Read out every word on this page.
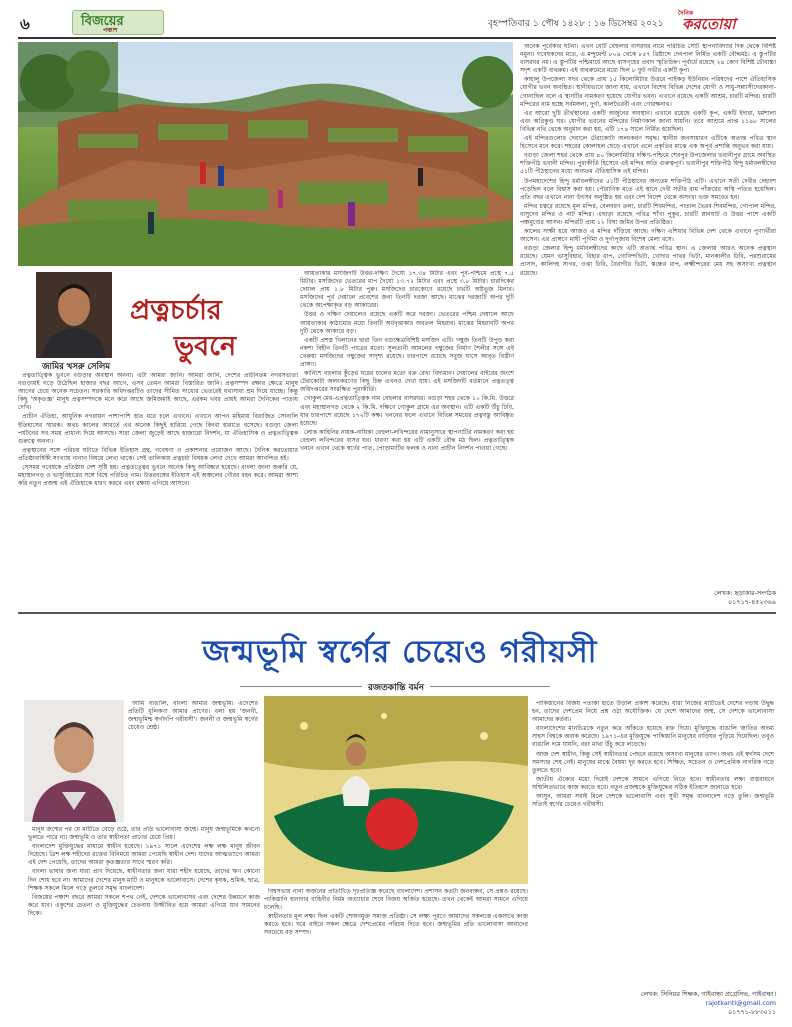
৬	বিজয়ের
পঞ্চাশ
বৃহস্পতিবার ১ পৌষ ১৪২৮ : ১৬ ডিসেম্বর ২০২১
দৈনিক
করতোয়া
জামির খসরু সেলিম
প্রত্নচর্চার
ভুবনে

প্রত্নতাত্ত্বিক ভুবনে বগুড়ার অবস্থান অনন্য। এটা আমরা জানি। আমরা জানি, দেশের প্রাচীনতম নগরসভ্যতা বগুড়ায়ই গড়ে উঠেছিল হাজার বছর আগে, এসব তেমন আমরা বিস্তারিত জানি। প্রত্নসম্পদ রক্ষার ক্ষেত্রে মানুষ আগের চেয়ে অনেক সচেতন। সরকারি অধিদপ্তরটিও তাদের সীমিত সাধ্যের ভেতরেই যথাসাধ্য শ্রম দিয়ে যাচ্ছে। কিন্তু কিছু 'অকৃতজ্ঞ' মানুষ প্রত্নসম্পদকে মনে করে আছে জমিজমাই আছে, এরকম খবর প্রায়ই আমরা দৈনিকের পাতায় দেখি।

প্রাচীন ঐতিহ্য, আধুনিক নগরায়ন পাশাপাশি হাত ধরে চলে এখানে। এখানে আপন মহিমায় বিরাজিত সোনালি ইতিহাসের স্মারক। অথচ কালের আবর্তে এর অনেক কিছুই হারিয়ে গেছে কিংবা হারাতে বসেছে। বগুড়া জেলা পর্যটনের সব সময় প্রাধান্য দিয়ে আসছে। সারা জেলা জুড়েই আছে হাজারো নিদর্শন, যা ঐতিহাসিক ও প্রত্নতাত্ত্বিক গুরুত্বে অনন্য।

প্রত্নস্থানের সঙ্গে পরিচয় ঘটাতে বিভিন্ন ইতিহাস গ্রন্থ, গবেষণা ও প্রকাশনার প্রয়োজন আছে। দৈনিক করতোয়ার প্রতিষ্ঠাবার্ষিকী সংখ্যায় নানান বিষয়ে লেখা থাকে। সেই তালিকায় প্রত্নচর্চা বিষয়ক লেখা দেখে আমরা আনন্দিত হই।

সেসময় গবেষকে প্রতিষ্ঠায় দেশ সৃষ্টি হয়। প্রত্নতত্ত্বের ভুবনে অনেক কিছু আবিষ্কার হয়েছে। বাংলা জানা জরুরি যে, মহাস্থানগড় ও ভাসুবিহারের সঙ্গে বিশ্বে পরিচিত নাম। উত্তরবঙ্গের ইতিহাস এই অঞ্চলের গৌরব বহন করে। আমরা আশা করি নতুন প্রজন্ম এই ঐতিহ্যকে ধারণ করবে এবং রক্ষায় এগিয়ে আসবে।

আয়তাকার মসজিদটি উত্তর-দক্ষিণ দৈর্ঘ্যে ১৭.৩৪ মিটার এবং পূর্ব-পশ্চিমে প্রস্থে ৭.৫ মিটার। মসজিদের ভেতরের মাপ দৈর্ঘ্যে ১৩.৭২ মিটার এবং প্রস্থে ৩.৮ মিটার। চারদিকের দেয়াল প্রায় ১.৮ মিটার পুরু। মসজিদের চারকোণে রয়েছে চারটি অষ্টভুজ মিনার। মসজিদের পূর্ব দেয়ালে প্রবেশের জন্য তিনটি দরজা আছে। মাঝের দরজাটি অপর দুটি থেকে অপেক্ষাকৃত বড় আকারের।

উত্তর ও দক্ষিণ দেয়ালেও রয়েছে একটি করে দরজা। ভেতরের পশ্চিম দেয়ালে আছে আয়তাকার কাঠামোর মধ্যে তিনটি অর্ধবৃত্তাকার অবতল মিহরাব। মাঝের মিহরাবটি অপর দুটি থেকে আকারে বড়।

একটি প্রশস্ত খিলানের দ্বারা তিন বগুক্ষেত্রবিশিষ্ট মসজিদ এটি। গম্বুজ তিনটি উপুড় করা নকশা বিহীন তিনটি পাত্রের মতো। সুলতানী আমলের গম্বুজের নির্মাণ শৈলীর সঙ্গে এই খেরুয়া মসজিদের গম্বুজের সাদৃশ্য রয়েছে। চারপাশে রয়েছে সবুজ ঘাসে আবৃত বিস্তীর্ণ প্রাঙ্গণ।

কার্নিশে বাংলার কুঁড়ের ঘরের চালের মতো বক্র রেখা বিদ্যমান। দেয়ালের বাইরের অংশে টেরাকোটা অলংকরণের কিছু চিহ্ন এখনও দেখা যায়। এই মসজিদটি বর্তমানে প্রত্নতত্ত্ব অধিদপ্তরের সংরক্ষিত পুরাকীর্তি।

গোকুল মেধ-এপ্রত্নতাত্ত্বিক নাম বেহুলার বাসরঘর। বগুড়া শহর থেকে ১০ কি.মি. উত্তরে এবং মহাস্থানগড় থেকে ২ কি.মি. দক্ষিণে গোকুল গ্রামে এর অবস্থান। এটি একটি উঁচু ঢিবি, যার চারপাশে রয়েছে ১৭২টি কক্ষ। খননের ফলে এখানে বিভিন্ন সময়ের প্রত্নবস্তু আবিষ্কৃত হয়েছে।

লোক কাহিনির নায়ক-নায়িকা বেহুলা-লখিন্দরের নামানুসারে স্থাপনাটির নামকরণ করা হয় বেহুলা লখিন্দরের বাসর ঘর। ধারণা করা হয় এটি একটি বৌদ্ধ মঠ ছিল। প্রত্নতাত্ত্বিক খননে এখান থেকে স্বর্ণের পাত, পোড়ামাটির ফলক ও নানা প্রাচীন নিদর্শন পাওয়া গেছে।

অনেক পূর্বেকার ঘটনা। এখন যেটি বেহুলার বাসরঘর নামে পরিচিত সেটি স্থাপনাবিদ্যার দিক থেকে বিশিষ্ট নমুনা। গবেষকদের মতে, এ মন্দুমেণ্ট ৮০৯ থেকে ৮৫৭ খ্রিষ্টাব্দে দেবপাল নির্মিত একটি বৌদ্ধমঠ। এ স্তুপটির বাসরঘর নয়। এ স্তুপটির পশ্চিমার্ধে আছে বাসগৃহের প্রবাদ স্মৃতিচিহ্ন। পূর্বার্ধে রয়েছে ২৪ কোণ বিশিষ্ট চৌবাচ্চা সদৃশ একটি বাথরুম। এই বাথরুমেরে মধ্যে ছিল ৮ ফুট গভীর একটি কূপ।

কাহালু উপজেলা সদর থেকে প্রায় ১৫ কিলোমিটার উত্তরে পাইকড় ইউনিয়ন পরিষদের পাশে ঐতিহাসিক যোগীর ভবন অবস্থিত। স্থানীয়ভাবে জানা যায়, এখানে বিশেষ বিভিন্ন দেশের যোগী ও সাধু-সন্ন্যাসীদেরকানা-গোনাছিল বলে এ স্থানটির নামকরণ হয়েছে যোগীর ভবন। এখানে রয়েছে একটি আশ্রম, চারটি মন্দির। চারটি মন্দিরের নাম হচ্ছে সর্বমঙ্গলা, দুর্গা, কালভৈরবী এবং গোরক্ষনাথ।

এর আরো দুটি তীর্থস্থানের একটি অর্জুনের অবস্থান। এখানে রয়েছে একটি কূপ, একটি ইদারা, ধর্মশালা এবং অগ্নিকুণ্ড ঘর। যোগীর ভবনের মন্দিরের নির্মাণকাল জানা যায়নি। তবে আশ্রমে প্রাপ্ত ১১৯৮ সালের বিভিন্ন নথি থেকে অনুমান করা হয়, এটি ১৭৪ সালে নির্মিত হয়েছিল।

এই মন্দিরগুলোর দেয়ালে টেরাকোটা অলংকরণ সমৃদ্ধ। স্থানীয় জনসাধারণ এটিকে অত্যন্ত পবিত্র স্থান হিসেবে মনে করে। শহরের কোলাহল ছেড়ে এখানে এলে প্রকৃতির মাঝে এক অপূর্ব প্রশান্তি অনুভব করা যায়।

বগুড়া জেলা শহর থেকে প্রায় ৪০ কিলোমিটার দক্ষিণ-পশ্চিমে শেরপুর উপজেলার ভবানীপুর গ্রামে অবস্থিত শক্তিপীঠ ভবানী মন্দির। পুরাকীর্তি হিসেবে এই মন্দির অতি গুরুত্বপূর্ণ। ভবানীপুর শক্তিপীঠ হিন্দু ধর্মাবলম্বীদের ৫১টি পীঠস্থানের মধ্যে অন্যতম ঐতিহাসিক এই মন্দির।

উপমহাদেশের হিন্দু ধর্মাবলম্বীদের ৫১টি পীঠস্থানের অন্যতম শক্তিপীঠ এটি। এখানে সতী দেবীর দেহাংশ পড়েছিল বলে বিশ্বাস করা হয়। পৌরাণিক মতে এই স্থানে দেবী সতীর বাম পাঁজরের অস্থি পতিত হয়েছিল। প্রতি বছর এখানে নানা উৎসব অনুষ্ঠিত হয় এবং দেশ বিদেশ থেকে অসংখ্য ভক্ত সমবেত হন।

মন্দির চত্বরে রয়েছে মূল মন্দির, বেলবরণ তলা, চারটি শিবমন্দির, পাতাল ভৈরব শিবমন্দির, গোপাল মন্দির, বাসুদেব মন্দির ও নাট মন্দির। এছাড়া রয়েছে পবিত্র শাঁখা পুকুর, চারটি স্নানঘাট ও উত্তর পাশে একটি পঞ্চমুণ্ডের আসন। মন্দিরটি প্রায় ১২ বিঘা জমির উপর প্রতিষ্ঠিত।

কালের সাক্ষী হয়ে আজও এ মন্দির দাঁড়িয়ে আছে। দক্ষিণ এশিয়ার বিভিন্ন দেশ থেকে এখানে পুণ্যার্থীরা আসেন। এর প্রাঙ্গণে মাঘী পূর্ণিমা ও দুর্গাপূজায় বিশেষ মেলা বসে।

বগুড়া জেলার হিন্দু ধর্মাবলম্বীদের কাছে এটি অত্যন্ত পবিত্র স্থান। এ জেলায় আরও অনেক প্রত্নস্থান রয়েছে। যেমন ভাসুবিহার, বিহার ধাপ, গোবিন্দভিটা, খোদার পাথর ভিটা, মানকালীর ঢিবি, পরশুরামের প্রাসাদ, কালিদহ সাগর, ওঝা ঢিবি, বৈরাগীর ভিটা, স্কন্ধের ধাপ, লক্ষ্মীন্দরের মেধ সহ অসংখ্য প্রত্নস্থান রয়েছে।

লেখক: ছড়াকার-সংগঠক
০১৭১৭-৪৫২৩৬৯
জন্মভূমি স্বর্গের চেয়েও গরীয়সী
রজতকান্তি বর্মন

আমি বাঙালি, বাংলা আমার জন্মভূমি। এদেশের প্রতিটি ধূলিকণা আমার প্রাণের। বলা হয় 'জননী, জন্মভূমিশ্চ স্বর্গাদপি গরীয়সী'। জননী ও জন্মভূমি স্বর্গের চেয়েও শ্রেষ্ঠ।

মানুষ জন্মের পর যে মাটিতে বেড়ে ওঠে, তার প্রতি ভালোবাসা জন্মে। মানুষ জন্মভূমিকে কখনো ভুলতে পারে না। জন্মভূমি ও তার স্বাধীনতা প্রাণের চেয়ে প্রিয়।

বাংলাদেশ মুক্তিযুদ্ধের মাধ্যমে স্বাধীন হয়েছে। ১৯৭১ সালে এদেশের লক্ষ লক্ষ মানুষ জীবন দিয়েছে। ত্রিশ লক্ষ শহীদের রক্তের বিনিময়ে আমরা পেয়েছি স্বাধীন দেশ। যাদের আত্মত্যাগে আমরা এই দেশ পেয়েছি, তাদের আমরা কৃতজ্ঞতার সাথে স্মরণ করি।

বাংলা ভাষার জন্য যারা প্রাণ দিয়েছে, স্বাধীনতার জন্য যারা শহীদ হয়েছে, তাদের ঋণ কোনো দিন শোধ হবে না। আমাদের দেশের মানুষ মাটি ও মানুষকে ভালোবাসে। দেশের কৃষক, শ্রমিক, ছাত্র, শিক্ষক সকলে মিলে গড়ে তুলবে সমৃদ্ধ বাংলাদেশ।

বিজয়ের পঞ্চাশ বছরে আমরা সকলে শপথ নেই, দেশকে ভালোবাসব এবং দেশের উন্নয়নে কাজ করে যাব। একুশের চেতনা ও মুক্তিযুদ্ধের চেতনায় উজ্জীবিত হয়ে আমরা এগিয়ে যাব সামনের দিকে।

বিশ্বসভায় নানা অর্জনের প্রতিটিতে দৃঢ়প্রতিজ্ঞ করেছে বাংলাদেশ। প্রশাসন কতটা জনবান্ধব, সে প্রশ্নও রয়েছে। পাকিস্তানি হানাদার বাহিনীর নির্মম অত্যাচার শেষে বিজয় অর্জিত হয়েছে। তখন থেকেই আমরা সামনে এগিয়ে চলেছি।

স্বাধীনতার মূল লক্ষ্য ছিল একটি শোষণমুক্ত সমাজ প্রতিষ্ঠা। সে লক্ষ্য পূরণে আমাদের সকলকে একসাথে কাজ করতে হবে। ঘরে বাইরে সকল ক্ষেত্রে দেশপ্রেমের পরিচয় দিতে হবে। জন্মভূমির প্রতি ভালোবাসা আমাদের সবচেয়ে বড় সম্পদ।

পাকিস্তানের বিজয় পতাকা হাতে উড়াল প্রকাশ করেছে। যারা নিজের মাটিতেই দেশের গড়ায় উদ্বুদ্ধ হন, তাদের দেশপ্রেম নিয়ে প্রশ্ন ওঠা অযৌক্তিক। যে দেশে আমাদের জন্ম, সে দেশকে ভালোবাসা আমাদের কর্তব্য।

বাংলাদেশের মানচিত্রকে নতুন করে আঁকতে হয়েছে রক্ত দিয়ে। মুক্তিযুদ্ধে বাঙালি জাতির অদম্য সাহস বিশ্বকে অবাক করেছে। ১৯৭১-এর মুক্তিযুদ্ধে পাকিস্তানি মানুষের বাড়িঘর পুড়িয়ে দিয়েছিল। তবুও বাঙালি দমে যায়নি, বরং মাথা উঁচু করে লড়েছে।

আজ দেশ স্বাধীন, কিন্তু সেই স্বাধীনতার পেছনে রয়েছে অসংখ্য মানুষের ত্যাগ। অথচ এই স্বর্গসম দেশে সমস্যার শেষ নেই। মানুষের মাঝে বৈষম্য দূর করতে হবে। শিক্ষিত, সচেতন ও দেশপ্রেমিক নাগরিক গড়ে তুলতে হবে।

জাতীয় ঐক্যের মধ্যে দিয়েই দেশকে সামনে এগিয়ে নিতে হবে। স্বাধীনতার লক্ষ্য বাস্তবায়নে সম্মিলিতভাবে কাজ করতে হবে। নতুন প্রজন্মকে মুক্তিযুদ্ধের সঠিক ইতিহাস জানাতে হবে।

আসুন, আমরা সবাই মিলে দেশকে ভালোবাসি এবং সুখী সমৃদ্ধ বাংলাদেশ গড়ে তুলি। জন্মভূমি সত্যিই স্বর্গের চেয়েও গরীয়সী।

লেখক: সিনিয়র শিক্ষক, গাইবান্ধা প্রগ্রেসিভ, গাইবান্ধা।
rajotkanti@gmail.com
০১৭৭১-৮৮৩০১১
